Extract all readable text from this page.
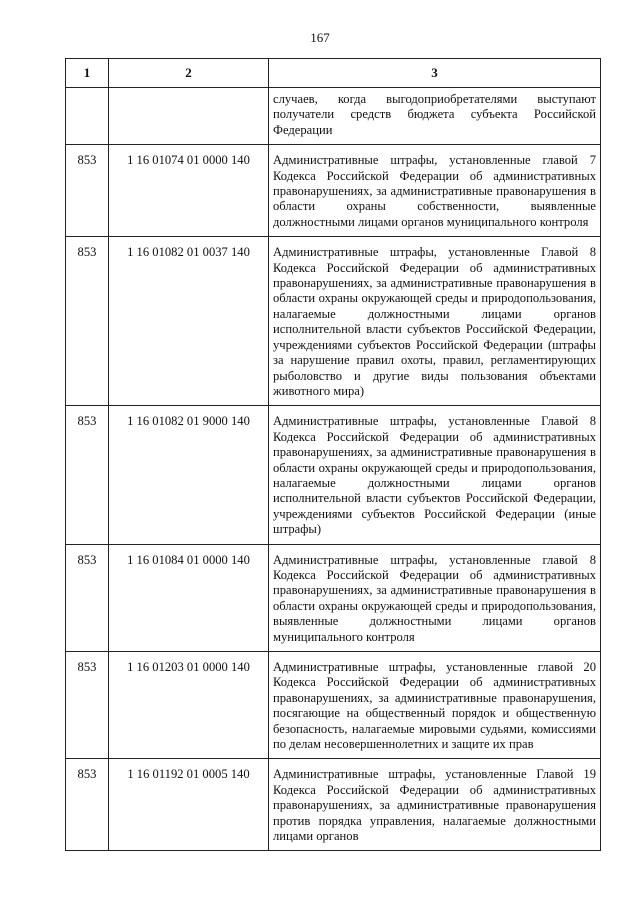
167
1	2	3
		случаев, когда выгодоприобретателями выступают получатели средств бюджета субъекта Российской Федерации
853	1 16 01074 01 0000 140	Административные штрафы, установленные главой 7 Кодекса Российской Федерации об административных правонарушениях, за административные правонарушения в области охраны собственности, выявленные должностными лицами органов муниципального контроля
853	1 16 01082 01 0037 140	Административные штрафы, установленные Главой 8 Кодекса Российской Федерации об административных правонарушениях, за административные правонарушения в области охраны окружающей среды и природопользования, налагаемые должностными лицами органов исполнительной власти субъектов Российской Федерации, учреждениями субъектов Российской Федерации (штрафы за нарушение правил охоты, правил, регламентирующих рыболовство и другие виды пользования объектами животного мира)
853	1 16 01082 01 9000 140	Административные штрафы, установленные Главой 8 Кодекса Российской Федерации об административных правонарушениях, за административные правонарушения в области охраны окружающей среды и природопользования, налагаемые должностными лицами органов исполнительной власти субъектов Российской Федерации, учреждениями субъектов Российской Федерации (иные штрафы)
853	1 16 01084 01 0000 140	Административные штрафы, установленные главой 8 Кодекса Российской Федерации об административных правонарушениях, за административные правонарушения в области охраны окружающей среды и природопользования, выявленные должностными лицами органов муниципального контроля
853	1 16 01203 01 0000 140	Административные штрафы, установленные главой 20 Кодекса Российской Федерации об административных правонарушениях, за административные правонарушения, посягающие на общественный порядок и общественную безопасность, налагаемые мировыми судьями, комиссиями по делам несовершеннолетних и защите их прав
853	1 16 01192 01 0005 140	Административные штрафы, установленные Главой 19 Кодекса Российской Федерации об административных правонарушениях, за административные правонарушения против порядка управления, налагаемые должностными лицами органов
